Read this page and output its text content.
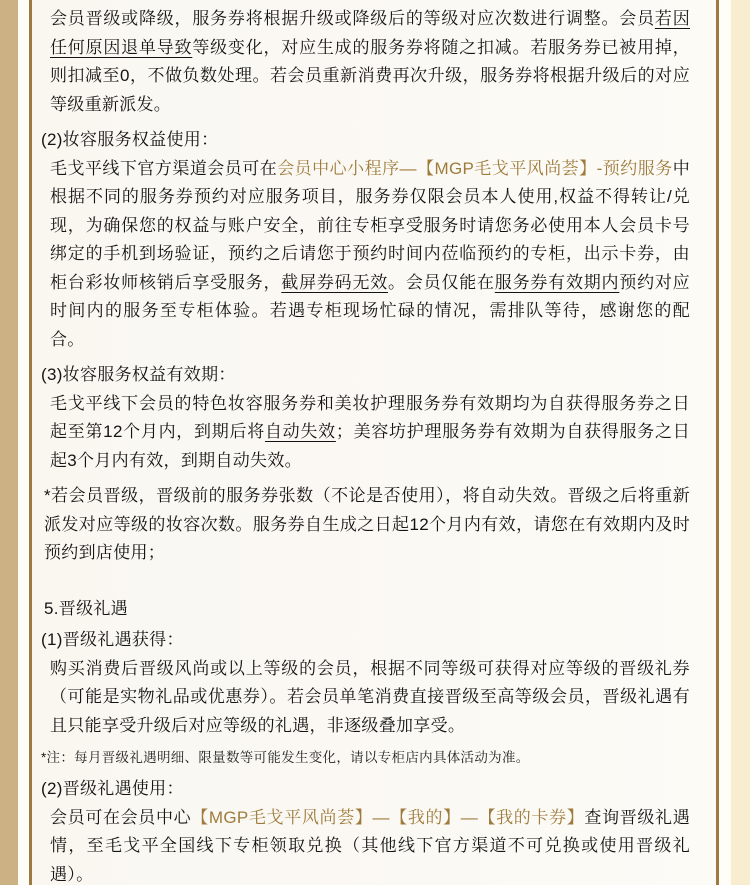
会员晋级或降级，服务券将根据升级或降级后的等级对应次数进行调整。会员若因任何原因退单导致等级变化，对应生成的服务券将随之扣减。若服务券已被用掉，则扣减至0，不做负数处理。若会员重新消费再次升级，服务券将根据升级后的对应等级重新派发。
(2)妆容服务权益使用：
毛戈平线下官方渠道会员可在会员中心小程序—【MGP毛戈平风尚荟】-预约服务中根据不同的服务券预约对应服务项目，服务券仅限会员本人使用,权益不得转让/兑现，为确保您的权益与账户安全，前往专柜享受服务时请您务必使用本人会员卡号绑定的手机到场验证，预约之后请您于预约时间内莅临预约的专柜，出示卡券，由柜台彩妆师核销后享受服务，截屏券码无效。会员仅能在服务券有效期内预约对应时间内的服务至专柜体验。若遇专柜现场忙碌的情况，需排队等待，感谢您的配合。
(3)妆容服务权益有效期：
毛戈平线下会员的特色妆容服务券和美妆护理服务券有效期均为自获得服务券之日起至第12个月内，到期后将自动失效；美容坊护理服务券有效期为自获得服务之日起3个月内有效，到期自动失效。
*若会员晋级，晋级前的服务券张数（不论是否使用），将自动失效。晋级之后将重新派发对应等级的妆容次数。服务券自生成之日起12个月内有效，请您在有效期内及时预约到店使用；
5.晋级礼遇
(1)晋级礼遇获得：
购买消费后晋级风尚或以上等级的会员，根据不同等级可获得对应等级的晋级礼券（可能是实物礼品或优惠券）。若会员单笔消费直接晋级至高等级会员，晋级礼遇有且只能享受升级后对应等级的礼遇，非逐级叠加享受。
*注：每月晋级礼遇明细、限量数等可能发生变化，请以专柜店内具体活动为准。
(2)晋级礼遇使用：
会员可在会员中心【MGP毛戈平风尚荟】—【我的】—【我的卡券】查询晋级礼遇情，至毛戈平全国线下专柜领取兑换（其他线下官方渠道不可兑换或使用晋级礼遇）。
